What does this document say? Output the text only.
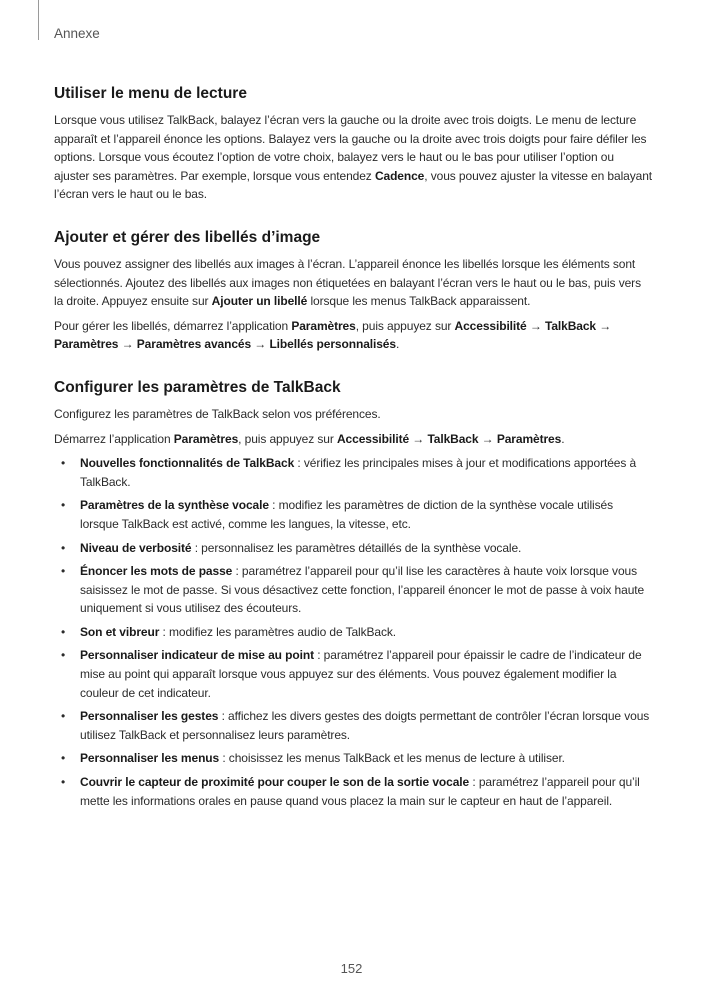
Annexe
Utiliser le menu de lecture

Lorsque vous utilisez TalkBack, balayez l’écran vers la gauche ou la droite avec trois doigts. Le menu de lecture apparaît et l’appareil énonce les options. Balayez vers la gauche ou la droite avec trois doigts pour faire défiler les options. Lorsque vous écoutez l’option de votre choix, balayez vers le haut ou le bas pour utiliser l’option ou ajuster ses paramètres. Par exemple, lorsque vous entendez Cadence, vous pouvez ajuster la vitesse en balayant l’écran vers le haut ou le bas.

Ajouter et gérer des libellés d’image

Vous pouvez assigner des libellés aux images à l’écran. L’appareil énonce les libellés lorsque les éléments sont sélectionnés. Ajoutez des libellés aux images non étiquetées en balayant l’écran vers le haut ou le bas, puis vers la droite. Appuyez ensuite sur Ajouter un libellé lorsque les menus TalkBack apparaissent.

Pour gérer les libellés, démarrez l’application Paramètres, puis appuyez sur Accessibilité → TalkBack → Paramètres → Paramètres avancés → Libellés personnalisés.

Configurer les paramètres de TalkBack

Configurez les paramètres de TalkBack selon vos préférences.

Démarrez l’application Paramètres, puis appuyez sur Accessibilité → TalkBack → Paramètres.

• Nouvelles fonctionnalités de TalkBack : vérifiez les principales mises à jour et modifications apportées à TalkBack.
• Paramètres de la synthèse vocale : modifiez les paramètres de diction de la synthèse vocale utilisés lorsque TalkBack est activé, comme les langues, la vitesse, etc.
• Niveau de verbosité : personnalisez les paramètres détaillés de la synthèse vocale.
• Énoncer les mots de passe : paramétrez l’appareil pour qu’il lise les caractères à haute voix lorsque vous saisissez le mot de passe. Si vous désactivez cette fonction, l’appareil énoncer le mot de passe à voix haute uniquement si vous utilisez des écouteurs.
• Son et vibreur : modifiez les paramètres audio de TalkBack.
• Personnaliser indicateur de mise au point : paramétrez l’appareil pour épaissir le cadre de l’indicateur de mise au point qui apparaît lorsque vous appuyez sur des éléments. Vous pouvez également modifier la couleur de cet indicateur.
• Personnaliser les gestes : affichez les divers gestes des doigts permettant de contrôler l’écran lorsque vous utilisez TalkBack et personnalisez leurs paramètres.
• Personnaliser les menus : choisissez les menus TalkBack et les menus de lecture à utiliser.
• Couvrir le capteur de proximité pour couper le son de la sortie vocale : paramétrez l’appareil pour qu’il mette les informations orales en pause quand vous placez la main sur le capteur en haut de l’appareil.
152
